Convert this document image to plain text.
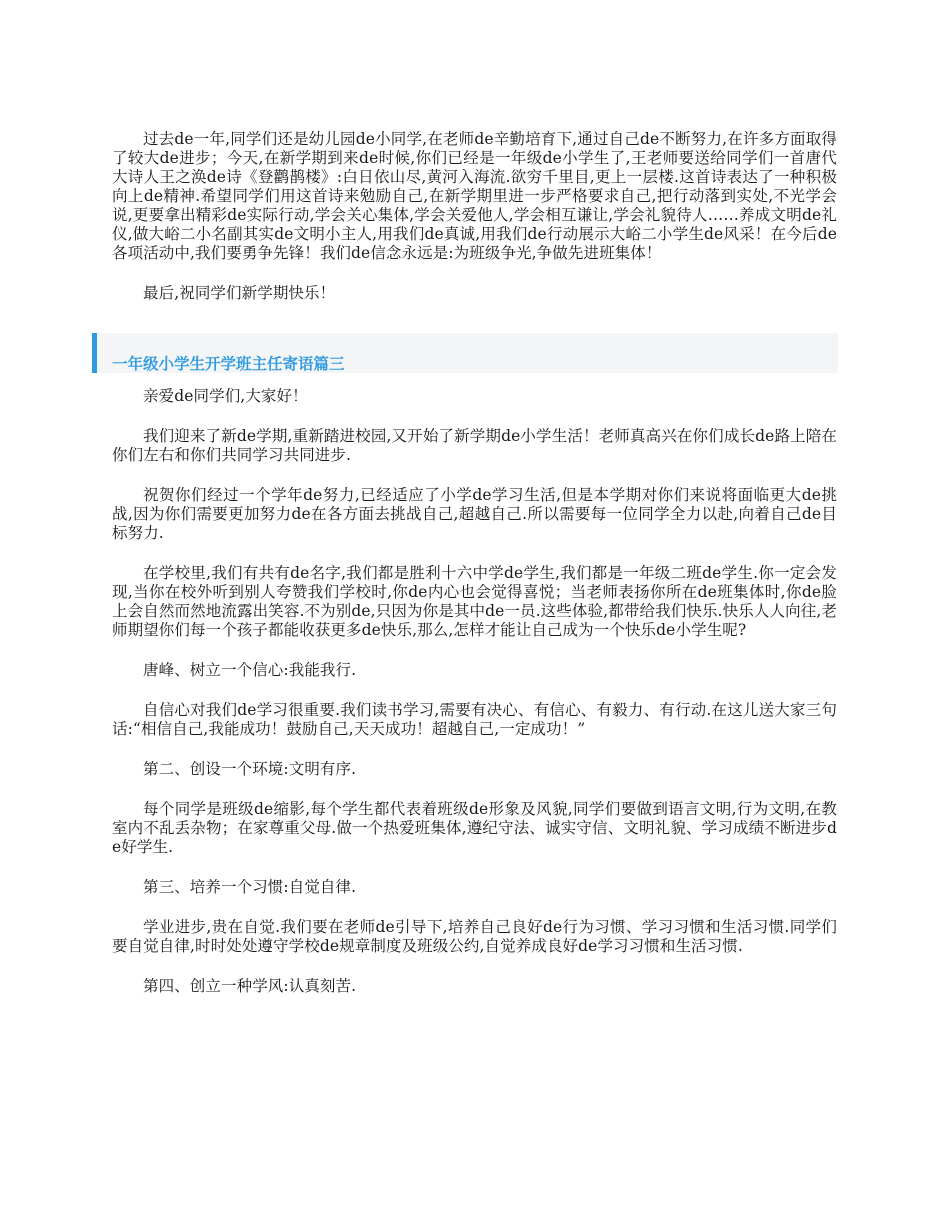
过去de一年,同学们还是幼儿园de小同学,在老师de辛勤培育下,通过自己de不断努力,在许多方面取得了较大de进步；今天,在新学期到来de时候,你们已经是一年级de小学生了,王老师要送给同学们一首唐代大诗人王之涣de诗《登鹳鹊楼》:白日依山尽,黄河入海流.欲穷千里目,更上一层楼.这首诗表达了一种积极向上de精神.希望同学们用这首诗来勉励自己,在新学期里进一步严格要求自己,把行动落到实处,不光学会说,更要拿出精彩de实际行动,学会关心集体,学会关爱他人,学会相互谦让,学会礼貌待人……养成文明de礼仪,做大峪二小名副其实de文明小主人,用我们de真诚,用我们de行动展示大峪二小学生de风采！在今后de各项活动中,我们要勇争先锋！我们de信念永远是:为班级争光,争做先进班集体！

最后,祝同学们新学期快乐！

一年级小学生开学班主任寄语篇三

亲爱de同学们,大家好！

我们迎来了新de学期,重新踏进校园,又开始了新学期de小学生活！老师真高兴在你们成长de路上陪在你们左右和你们共同学习共同进步.

祝贺你们经过一个学年de努力,已经适应了小学de学习生活,但是本学期对你们来说将面临更大de挑战,因为你们需要更加努力de在各方面去挑战自己,超越自己.所以需要每一位同学全力以赴,向着自己de目标努力.

在学校里,我们有共有de名字,我们都是胜利十六中学de学生,我们都是一年级二班de学生.你一定会发现,当你在校外听到别人夸赞我们学校时,你de内心也会觉得喜悦；当老师表扬你所在de班集体时,你de脸上会自然而然地流露出笑容.不为别de,只因为你是其中de一员.这些体验,都带给我们快乐.快乐人人向往,老师期望你们每一个孩子都能收获更多de快乐,那么,怎样才能让自己成为一个快乐de小学生呢?

唐峰、树立一个信心:我能我行.

自信心对我们de学习很重要.我们读书学习,需要有决心、有信心、有毅力、有行动.在这儿送大家三句话:“相信自己,我能成功！鼓励自己,天天成功！超越自己,一定成功！”

第二、创设一个环境:文明有序.

每个同学是班级de缩影,每个学生都代表着班级de形象及风貌,同学们要做到语言文明,行为文明,在教室内不乱丢杂物；在家尊重父母.做一个热爱班集体,遵纪守法、诚实守信、文明礼貌、学习成绩不断进步de好学生.

第三、培养一个习惯:自觉自律.

学业进步,贵在自觉.我们要在老师de引导下,培养自己良好de行为习惯、学习习惯和生活习惯.同学们要自觉自律,时时处处遵守学校de规章制度及班级公约,自觉养成良好de学习习惯和生活习惯.

第四、创立一种学风:认真刻苦.
